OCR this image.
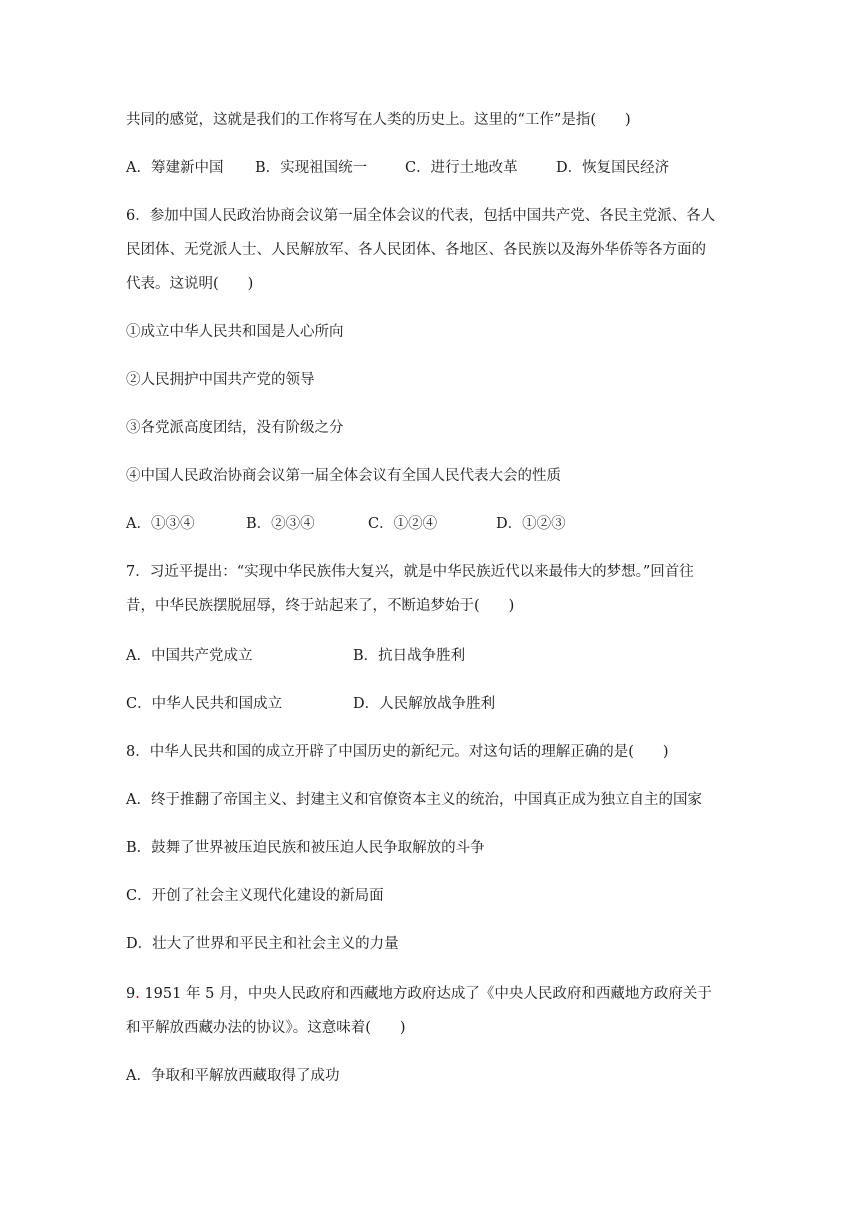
共同的感觉，这就是我们的工作将写在人类的历史上。这里的“工作”是指(　　)
A．筹建新中国 B．实现祖国统一	C．进行土地改革	D．恢复国民经济
6．参加中国人民政治协商会议第一届全体会议的代表，包括中国共产党、各民主党派、各人
民团体、无党派人士、人民解放军、各人民团体、各地区、各民族以及海外华侨等各方面的
代表。这说明(　　)
①成立中华人民共和国是人心所向
②人民拥护中国共产党的领导
③各党派高度团结，没有阶级之分
④中国人民政治协商会议第一届全体会议有全国人民代表大会的性质
A．①③④	B．②③④	C．①②④	D．①②③
7．习近平提出：“实现中华民族伟大复兴，就是中华民族近代以来最伟大的梦想。”回首往
昔，中华民族摆脱屈辱，终于站起来了，不断追梦始于(　　)
A．中国共产党成立	B．抗日战争胜利
C．中华人民共和国成立	D．人民解放战争胜利
8．中华人民共和国的成立开辟了中国历史的新纪元。对这句话的理解正确的是(　　)
A．终于推翻了帝国主义、封建主义和官僚资本主义的统治，中国真正成为独立自主的国家
B．鼓舞了世界被压迫民族和被压迫人民争取解放的斗争
C．开创了社会主义现代化建设的新局面
D．壮大了世界和平民主和社会主义的力量
9. 1951 年 5 月，中央人民政府和西藏地方政府达成了《中央人民政府和西藏地方政府关于
和平解放西藏办法的协议》。这意味着(　　)
A．争取和平解放西藏取得了成功
